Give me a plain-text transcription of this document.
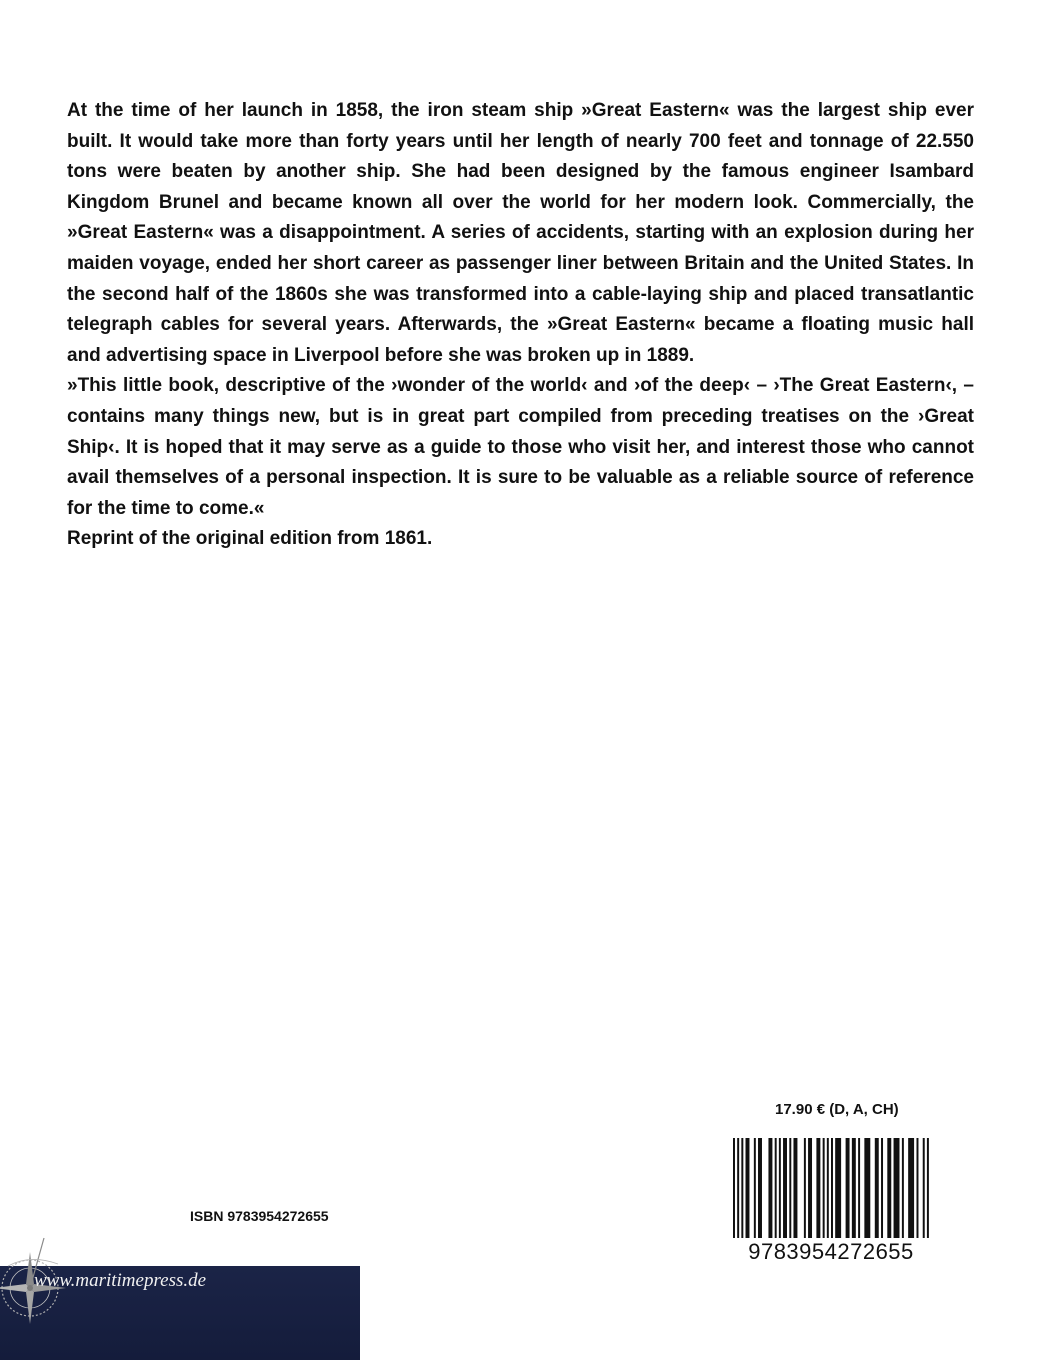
At the time of her launch in 1858, the iron steam ship »Great Eastern« was the largest ship ever built. It would take more than forty years until her length of nearly 700 feet and tonnage of 22.550 tons were beaten by another ship. She had been designed by the famous engineer Isambard Kingdom Brunel and became known all over the world for her modern look. Commercially, the »Great Eastern« was a disappointment. A series of accidents, starting with an explosion during her maiden voyage, ended her short career as passenger liner between Britain and the United States. In the second half of the 1860s she was transformed into a cable-laying ship and placed transatlantic telegraph cables for several years. Afterwards, the »Great Eastern« became a floating music hall and advertising space in Liverpool before she was broken up in 1889.

»This little book, descriptive of the ›wonder of the world‹ and ›of the deep‹ – ›The Great Eastern‹, – contains many things new, but is in great part compiled from preceding treatises on the ›Great Ship‹. It is hoped that it may serve as a guide to those who visit her, and interest those who cannot avail themselves of a personal inspection. It is sure to be valuable as a reliable source of reference for the time to come.«

Reprint of the original edition from 1861.

17.90 € (D, A, CH)
9783954272655
ISBN 9783954272655
www.maritimepress.de
